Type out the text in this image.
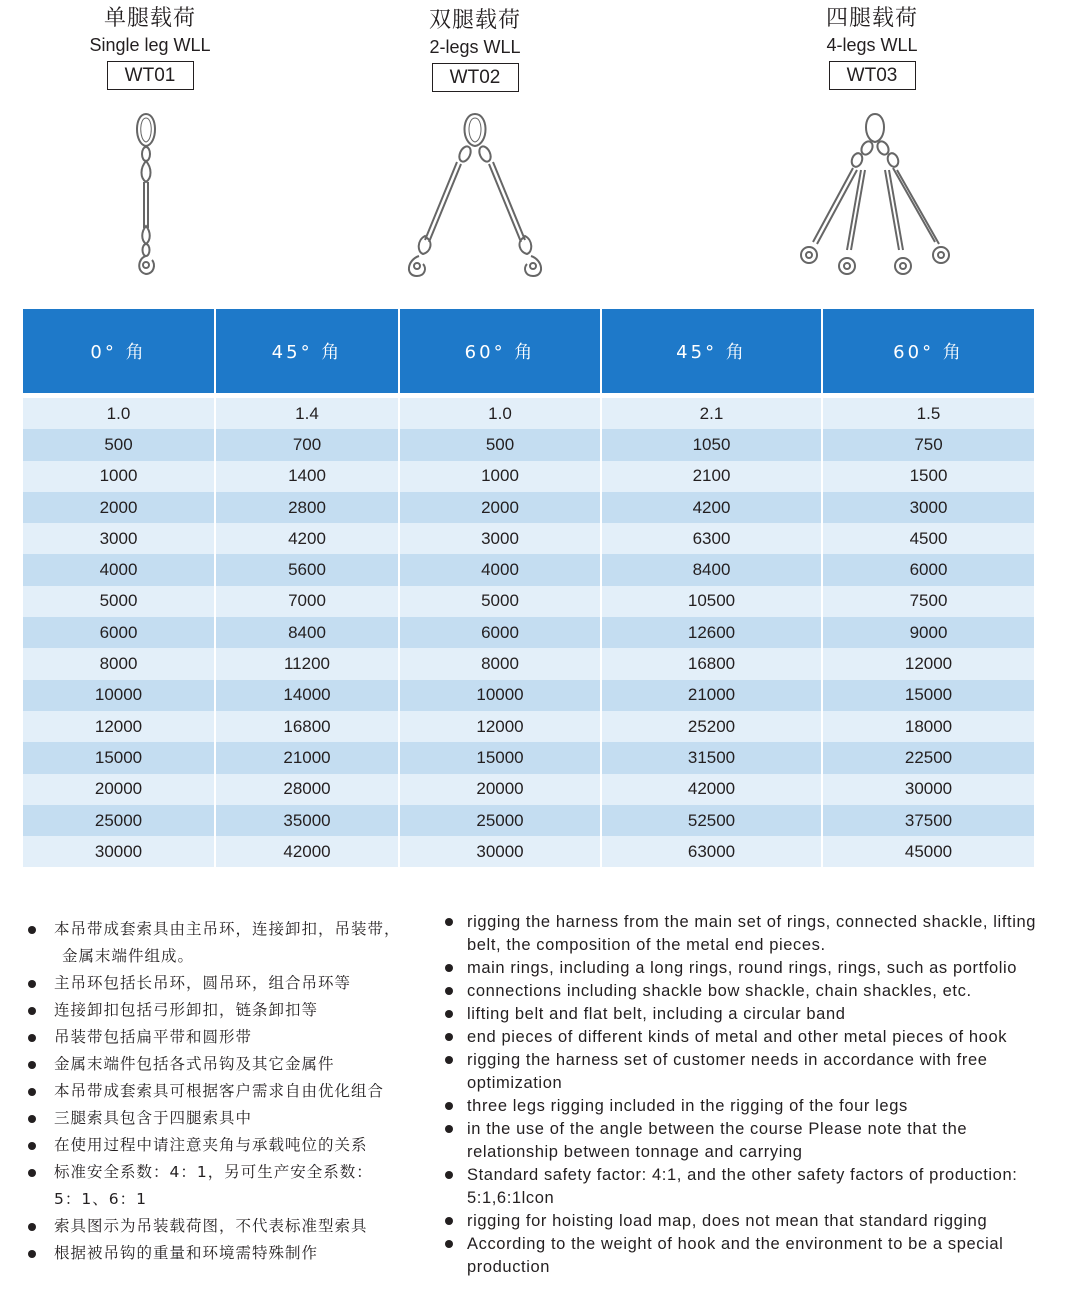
单腿载荷
Single leg WLL
WT01
双腿载荷
2-legs WLL
WT02
四腿载荷
4-legs WLL
WT03
0° 角	45° 角	60° 角	45° 角	60° 角

1.0	1.4	1.0	2.1	1.5
500	700	500	1050	750
1000	1400	1000	2100	1500
2000	2800	2000	4200	3000
3000	4200	3000	6300	4500
4000	5600	4000	8400	6000
5000	7000	5000	10500	7500
6000	8400	6000	12600	9000
8000	11200	8000	16800	12000
10000	14000	10000	21000	15000
12000	16800	12000	25200	18000
15000	21000	15000	31500	22500
20000	28000	20000	42000	30000
25000	35000	25000	52500	37500
30000	42000	30000	63000	45000
本吊带成套索具由主吊环，连接卸扣，吊装带，
金属末端件组成。
主吊环包括长吊环，圆吊环，组合吊环等
连接卸扣包括弓形卸扣，链条卸扣等
吊装带包括扁平带和圆形带
金属末端件包括各式吊钩及其它金属件
本吊带成套索具可根据客户需求自由优化组合
三腿索具包含于四腿索具中
在使用过程中请注意夹角与承载吨位的关系
标准安全系数：4：1，另可生产安全系数：
5：1、6：1
索具图示为吊装载荷图，不代表标准型索具
根据被吊钩的重量和环境需特殊制作
rigging the harness from the main set of rings, connected shackle, lifting belt, the composition of the metal end pieces.
main rings, including a long rings, round rings, rings, such as portfolio
connections including shackle bow shackle, chain shackles, etc.
lifting belt and flat belt, including a circular band
end pieces of different kinds of metal and other metal pieces of hook
rigging the harness set of customer needs in accordance with free optimization
three legs rigging included in the rigging of the four legs
in the use of the angle between the course Please note that the relationship between tonnage and carrying
Standard safety factor: 4:1, and the other safety factors of production: 5:1,6:1lcon
rigging for hoisting load map, does not mean that standard rigging
According to the weight of hook and the environment to be a special production
